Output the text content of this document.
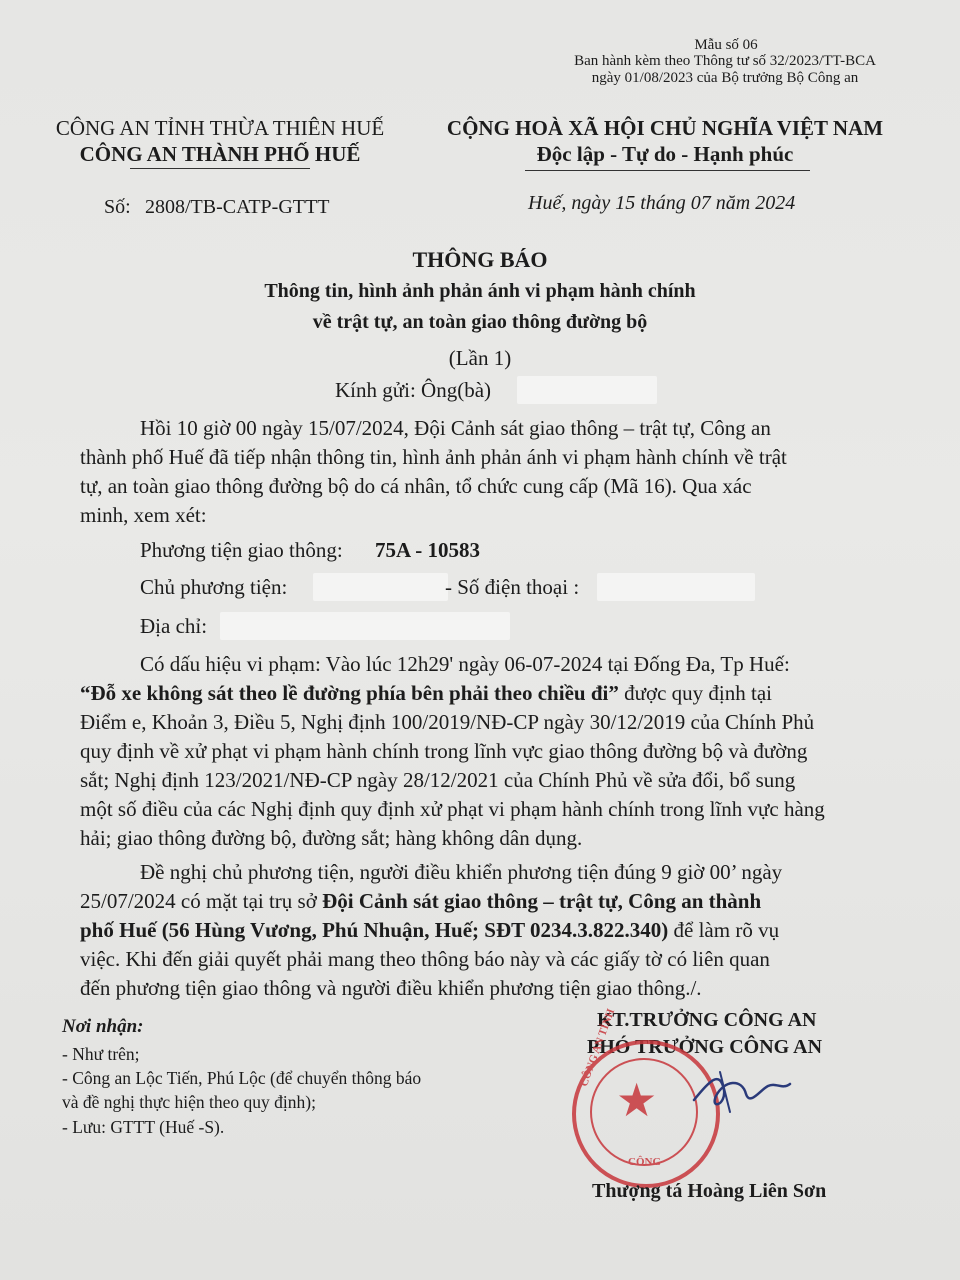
Mẫu số 06
Ban hành kèm theo Thông tư số 32/2023/TT-BCA
ngày 01/08/2023 của Bộ trưởng Bộ Công an
CÔNG AN TỈNH THỪA THIÊN HUẾ
CÔNG AN THÀNH PHỐ HUẾ
CỘNG HOÀ XÃ HỘI CHỦ NGHĨA VIỆT NAM
Độc lập - Tự do - Hạnh phúc
Số: 2808/TB-CATP-GTTT	Huế, ngày 15 tháng 07 năm 2024
THÔNG BÁO
Thông tin, hình ảnh phản ánh vi phạm hành chính
về trật tự, an toàn giao thông đường bộ
(Lần 1)
Kính gửi: Ông(bà)
Hồi 10 giờ 00 ngày 15/07/2024, Đội Cảnh sát giao thông – trật tự, Công an
thành phố Huế đã tiếp nhận thông tin, hình ảnh phản ánh vi phạm hành chính về trật
tự, an toàn giao thông đường bộ do cá nhân, tổ chức cung cấp (Mã 16). Qua xác
minh, xem xét:
Phương tiện giao thông: 75A - 10583
Chủ phương tiện:	- Số điện thoại :
Địa chỉ:
Có dấu hiệu vi phạm: Vào lúc 12h29' ngày 06-07-2024 tại Đống Đa, Tp Huế:
“Đỗ xe không sát theo lề đường phía bên phải theo chiều đi” được quy định tại
Điểm e, Khoản 3, Điều 5, Nghị định 100/2019/NĐ-CP ngày 30/12/2019 của Chính Phủ
quy định về xử phạt vi phạm hành chính trong lĩnh vực giao thông đường bộ và đường
sắt; Nghị định 123/2021/NĐ-CP ngày 28/12/2021 của Chính Phủ về sửa đổi, bổ sung
một số điều của các Nghị định quy định xử phạt vi phạm hành chính trong lĩnh vực hàng
hải; giao thông đường bộ, đường sắt; hàng không dân dụng.
Đề nghị chủ phương tiện, người điều khiển phương tiện đúng 9 giờ 00’ ngày
25/07/2024 có mặt tại trụ sở Đội Cảnh sát giao thông – trật tự, Công an thành
phố Huế (56 Hùng Vương, Phú Nhuận, Huế; SĐT 0234.3.822.340) để làm rõ vụ
việc. Khi đến giải quyết phải mang theo thông báo này và các giấy tờ có liên quan
đến phương tiện giao thông và người điều khiển phương tiện giao thông./.
Nơi nhận:
- Như trên;
- Công an Lộc Tiến, Phú Lộc (để chuyển thông báo
và đề nghị thực hiện theo quy định);
- Lưu: GTTT (Huế -S).
KT.TRƯỞNG CÔNG AN
PHÓ TRƯỞNG CÔNG AN
★
CÔNG AN TỈNH
CÔNG
Thượng tá Hoàng Liên Sơn
